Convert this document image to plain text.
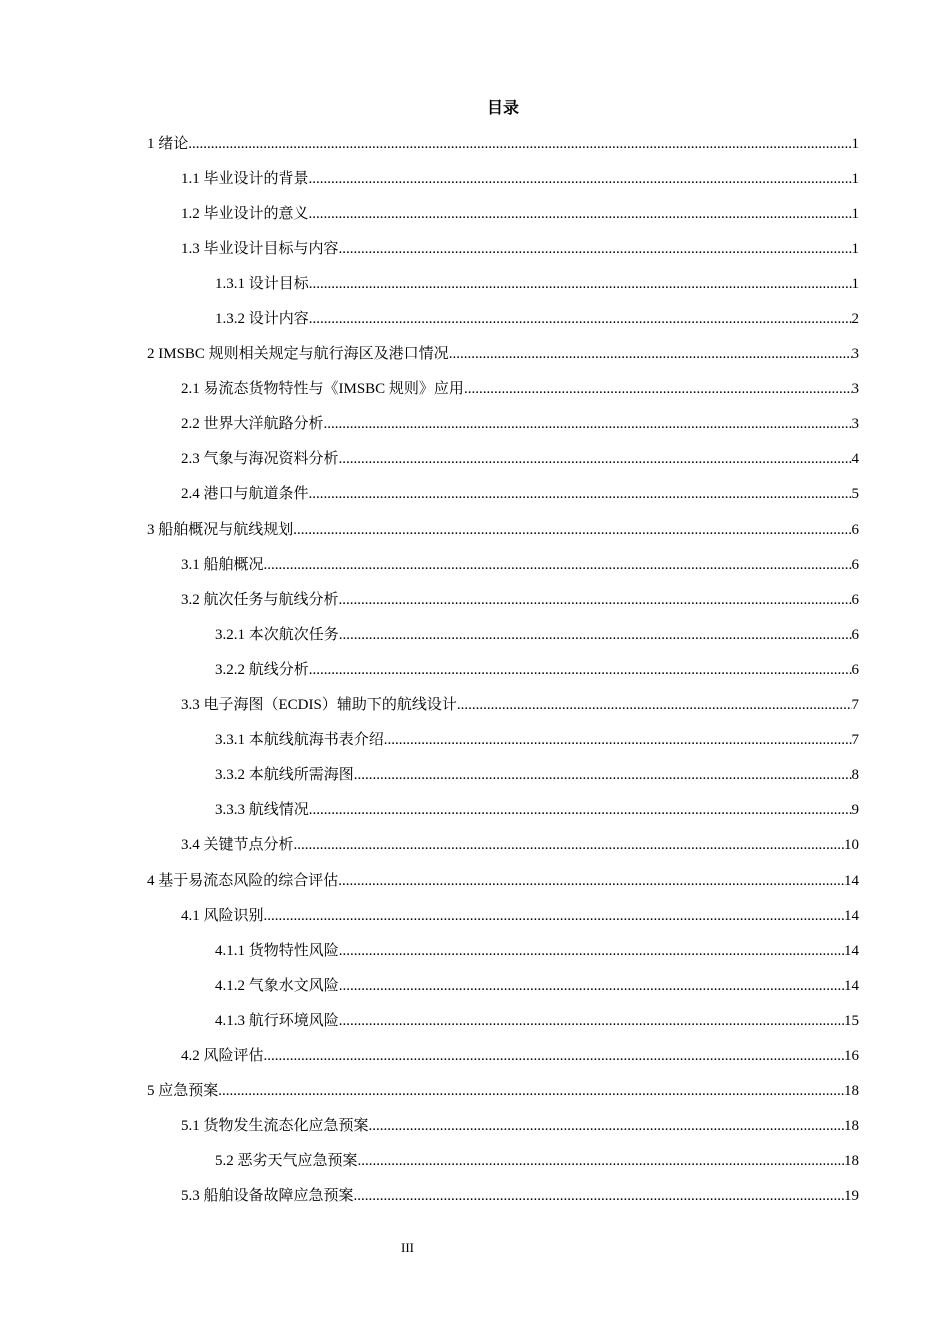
目录
1 绪论 .....	1
1.1 毕业设计的背景 .....	1
1.2 毕业设计的意义 .....	1
1.3 毕业设计目标与内容 .....	1
1.3.1 设计目标 .....	1
1.3.2 设计内容 .....	2
2 IMSBC 规则相关规定与航行海区及港口情况 .....	3
2.1 易流态货物特性与《IMSBC 规则》应用 .....	3
2.2 世界大洋航路分析 .....	3
2.3 气象与海况资料分析 .....	4
2.4 港口与航道条件 .....	5
3 船舶概况与航线规划 .....	6
3.1 船舶概况 .....	6
3.2 航次任务与航线分析 .....	6
3.2.1 本次航次任务 .....	6
3.2.2 航线分析 .....	6
3.3 电子海图（ECDIS）辅助下的航线设计 .....	7
3.3.1 本航线航海书表介绍 .....	7
3.3.2 本航线所需海图 .....	8
3.3.3 航线情况 .....	9
3.4 关键节点分析 .....	10
4 基于易流态风险的综合评估 .....	14
4.1 风险识别 .....	14
4.1.1 货物特性风险 .....	14
4.1.2 气象水文风险 .....	14
4.1.3 航行环境风险 .....	15
4.2 风险评估 .....	16
5 应急预案 .....	18
5.1 货物发生流态化应急预案 .....	18
5.2 恶劣天气应急预案 .....	18
5.3 船舶设备故障应急预案 .....	19
III
